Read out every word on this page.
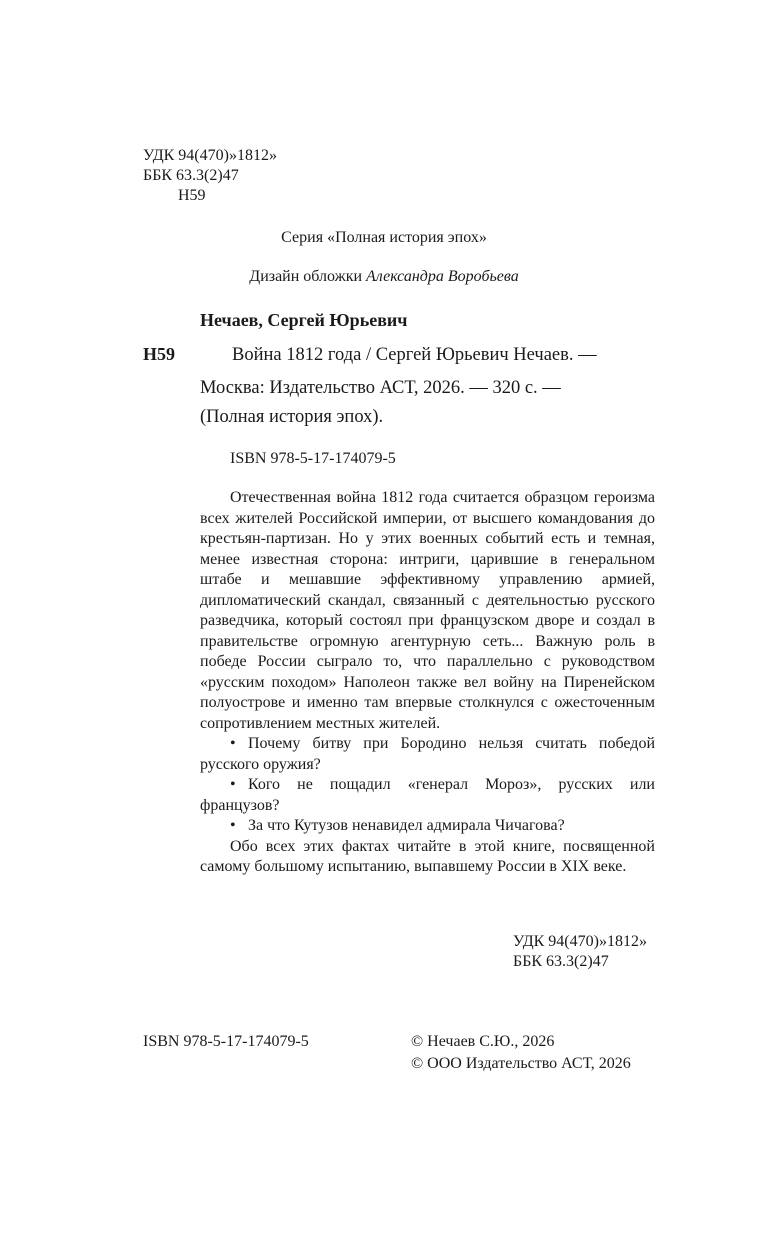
УДК 94(470)»1812»
ББК 63.3(2)47
Н59
Серия «Полная история эпох»
Дизайн обложки Александра Воробьева
Нечаев, Сергей Юрьевич
Н59	Война 1812 года / Сергей Юрьевич Нечаев. —
Москва: Издательство АСТ, 2026. — 320 с. —
(Полная история эпох).
ISBN 978-5-17-174079-5

Отечественная война 1812 года считается образцом героизма всех жителей Российской империи, от высшего командования до крестьян-партизан. Но у этих военных событий есть и темная, менее известная сторона: интриги, царившие в генеральном штабе и мешавшие эффективному управлению армией, дипломатический скандал, связанный с деятельностью русского разведчика, который состоял при французском дворе и создал в правительстве огромную агентурную сеть... Важную роль в победе России сыграло то, что параллельно с руководством «русским походом» Наполеон также вел войну на Пиренейском полуострове и именно там впервые столкнулся с ожесточенным сопротивлением местных жителей.

• Почему битву при Бородино нельзя считать победой русского оружия?

• Кого не пощадил «генерал Мороз», русских или французов?

• За что Кутузов ненавидел адмирала Чичагова?

Обо всех этих фактах читайте в этой книге, посвященной самому большому испытанию, выпавшему России в XIX веке.

УДК 94(470)»1812»
ББК 63.3(2)47
ISBN 978-5-17-174079-5	© Нечаев С.Ю., 2026
© ООО Издательство АСТ, 2026
